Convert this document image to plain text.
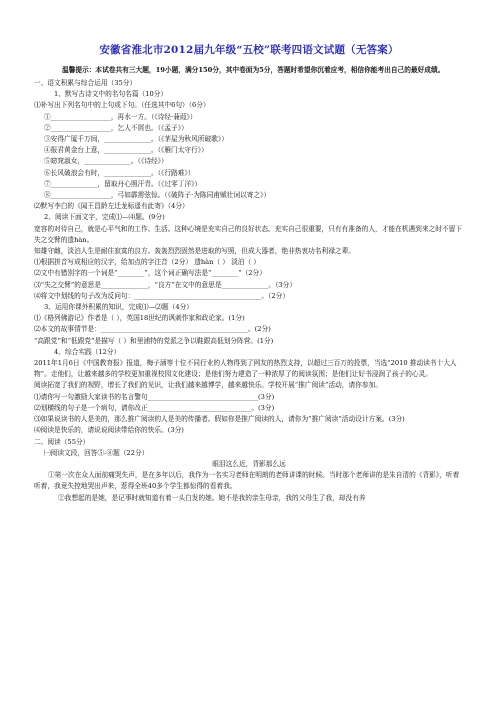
安徽省淮北市2012届九年级“五校”联考四语文试题（无答案）
温馨提示：本试卷共有三大题，19小题，满分150分，其中卷面为5分，答题时希望你沉着应考，相信你能考出自己的最好成绩。
一、语文积累与综合运用（35分）
1、默写古诗文中的名句名篇（10分）
⑴补写出下列名句中的上句或下句。（任选其中6句）（6分）
①__________________，再水一方。（《诗经·蒹葭》）
②__________________，乞人不屑也。（《孟子》）
③安得广厦千万间，______________。（《茅屋为秋风所破歌》）
④报君黄金台上意，______________。（《雁门太守行》）
⑤窈窕淑女，______________。（《诗经》）
⑥长风破浪会有时，______________。（《行路难》）
⑦______________，留取丹心照汗青。（《过零丁洋》）
⑧__________________，弓如霹雳弦惊。（《破阵子·为陈同甫赋壮词以寄之》）
⑵默写李白的《闻王昌龄左迁龙标遥有此寄》（4分）
2、阅读下面文字，完成⑴—⑷题。(9分)

宽容的对待自己，就是心平气和的工作、生活。这种心境是充实自己的良好状态。充实自己很重要，只有有准备的人，才能在机遇到来之时不留下失之交臂的遗hàn。

知雄守雌，淡泊人生是耐住寂寞的良方。轰轰烈烈固然是进取的写照，但成大器者，绝非热衷功名利禄之辈。

⑴根据拼音写成相应的汉字，给加点的字注音（2分） 遗hàn（ ） 淡泊（ ）
⑵文中有错别字的一个词是“________”，这个词正确写法是“________”（2分）
⑶“失之交臂”的意思是______________，“良方”在文中的意思是______________。（3分）
⑷将文中划线的句子改为反问句：______________________________________。（2分）
3、运用你课外积累的知识，完成⑴—⑵题（4分）
⑴《格列佛游记》作者是（ ），英国18世纪的讽刺作家和政论家。(1分)
⑵本文的故事情节是：____________________________________________。(2分)
“高跟党”和“低跟党”是描写（ ）和里浦特的党派之争以鞋跟高低划分阵营。(1分)
4、综合实践（12分）

2011年1月6日《中国教育报》报道，梅子涵等十位不同行业的人物得到了网友的热烈支持，以超过三百万的投票，当选“2010 推动读书十大人物”。走他们，让越来越多的学校更加重视校园文化建设；是他们努力建造了一种浓厚了的阅读氛围；是他们让好书浸润了孩子的心灵。

阅读拓宽了我们的视野，增长了我们的见识，让我们越来越博学，越来越快乐。学校开展“推广阅读”活动，请你参加。

⑴请你写一句激励大家读书的名言警句_________________________________(3分)
⑵划横线的句子是一个病句，请你改正_______________________________。(3分)

⑶如果说读书的人是美的，那么推广阅读的人是美的传播者。假如你是推广阅读的人，请你为“推广阅读”活动设计方案。(3分)

⑷阅读是快乐的，请说说阅读带给你的快乐。(3分)
二、阅读（55分）
㈠阅读文段，回答⑤-⑧题（22分）
眼泪这么近，背影那么远

①第一次在众人面前痛哭失声，是在多年以后，我作为一名实习老师在明朗的老师讲课的时候。当时那个老师讲的是朱自清的《背影》，听着听着，我竟失控地哭出声来，惹得全班40多个学生都惊得的看着我。

②我想起的是她，是记事时就知道有着一头白发的她。她不是我的亲生母亲，我的父母生了我，却没有养
